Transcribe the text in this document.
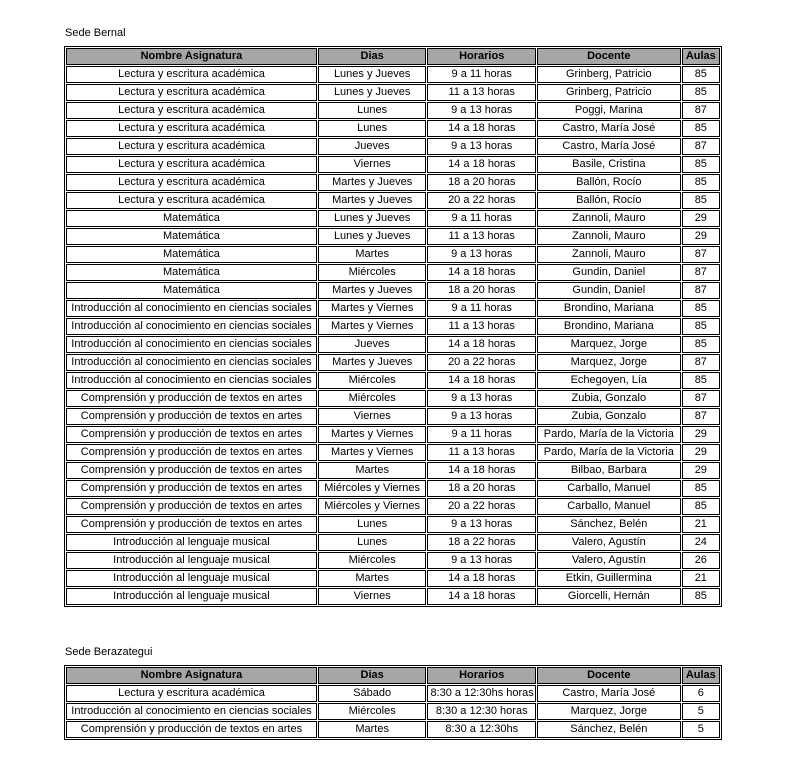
Sede Bernal
Nombre Asignatura	Dias	Horarios	Docente	Aulas
Lectura y escritura académica	Lunes y Jueves	9 a 11 horas	Grinberg, Patricio	85
Lectura y escritura académica	Lunes y Jueves	11 a 13 horas	Grinberg, Patricio	85
Lectura y escritura académica	Lunes	9 a 13 horas	Poggi, Marina	87
Lectura y escritura académica	Lunes	14 a 18 horas	Castro, María José	85
Lectura y escritura académica	Jueves	9 a 13 horas	Castro, María José	87
Lectura y escritura académica	Viernes	14 a 18 horas	Basile, Cristina	85
Lectura y escritura académica	Martes y Jueves	18 a 20 horas	Ballón, Rocío	85
Lectura y escritura académica	Martes y Jueves	20 a 22 horas	Ballón, Rocío	85
Matemática	Lunes y Jueves	9 a 11 horas	Zannoli, Mauro	29
Matemática	Lunes y Jueves	11 a 13 horas	Zannoli, Mauro	29
Matemática	Martes	9 a 13 horas	Zannoli, Mauro	87
Matemática	Miércoles	14 a 18 horas	Gundin, Daniel	87
Matemática	Martes y Jueves	18 a 20 horas	Gundin, Daniel	87
Introducción al conocimiento en ciencias sociales	Martes y Viernes	9 a 11 horas	Brondino, Mariana	85
Introducción al conocimiento en ciencias sociales	Martes y Viernes	11 a 13 horas	Brondino, Mariana	85
Introducción al conocimiento en ciencias sociales	Jueves	14 a 18 horas	Marquez, Jorge	85
Introducción al conocimiento en ciencias sociales	Martes y Jueves	20 a 22 horas	Marquez, Jorge	87
Introducción al conocimiento en ciencias sociales	Miércoles	14 a 18 horas	Echegoyen, Lía	85
Comprensión y producción de textos en artes	Miércoles	9 a 13 horas	Zubia, Gonzalo	87
Comprensión y producción de textos en artes	Viernes	9 a 13 horas	Zubia, Gonzalo	87
Comprensión y producción de textos en artes	Martes y Viernes	9 a 11 horas	Pardo, María de la Victoria	29
Comprensión y producción de textos en artes	Martes y Viernes	11 a 13 horas	Pardo, María de la Victoria	29
Comprensión y producción de textos en artes	Martes	14 a 18 horas	Bilbao, Barbara	29
Comprensión y producción de textos en artes	Miércoles y Viernes	18 a 20 horas	Carballo, Manuel	85
Comprensión y producción de textos en artes	Miércoles y Viernes	20 a 22 horas	Carballo, Manuel	85
Comprensión y producción de textos en artes	Lunes	9 a 13 horas	Sánchez, Belén	21
Introducción al lenguaje musical	Lunes	18 a 22 horas	Valero, Agustín	24
Introducción al lenguaje musical	Miércoles	9 a 13 horas	Valero, Agustín	26
Introducción al lenguaje musical	Martes	14 a 18 horas	Etkin, Guillermina	21
Introducción al lenguaje musical	Viernes	14 a 18 horas	Giorcelli, Hernán	85
Sede Berazategui
Nombre Asignatura	Dias	Horarios	Docente	Aulas
Lectura y escritura académica	Sábado	8:30 a 12:30hs horas	Castro, María José	6
Introducción al conocimiento en ciencias sociales	Miércoles	8:30 a 12:30 horas	Marquez, Jorge	5
Comprensión y producción de textos en artes	Martes	8:30 a 12:30hs	Sánchez, Belén	5
